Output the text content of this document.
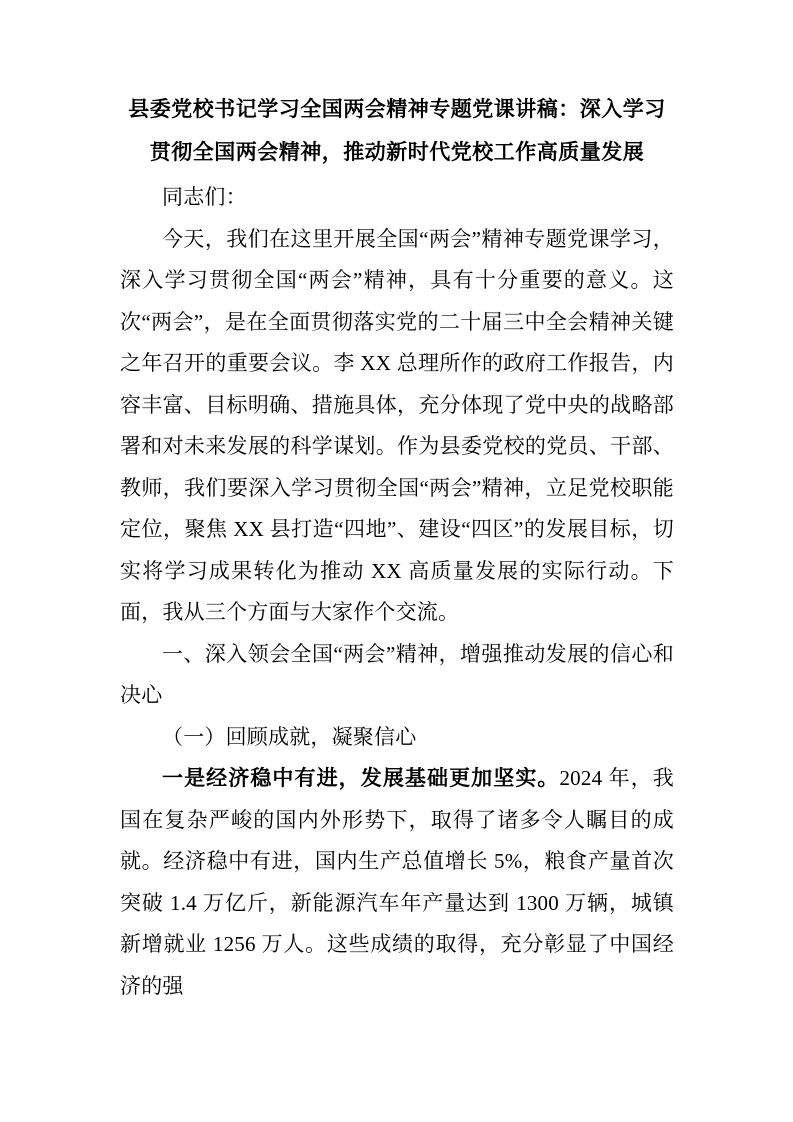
县委党校书记学习全国两会精神专题党课讲稿：深入学习贯彻全国两会精神，推动新时代党校工作高质量发展

同志们：

今天，我们在这里开展全国“两会”精神专题党课学习，深入学习贯彻全国“两会”精神，具有十分重要的意义。这次“两会”，是在全面贯彻落实党的二十届三中全会精神关键之年召开的重要会议。李 XX 总理所作的政府工作报告，内容丰富、目标明确、措施具体，充分体现了党中央的战略部署和对未来发展的科学谋划。作为县委党校的党员、干部、教师，我们要深入学习贯彻全国“两会”精神，立足党校职能定位，聚焦 XX 县打造“四地”、建设“四区”的发展目标，切实将学习成果转化为推动 XX 高质量发展的实际行动。下面，我从三个方面与大家作个交流。

一、深入领会全国“两会”精神，增强推动发展的信心和决心

（一）回顾成就，凝聚信心

一是经济稳中有进，发展基础更加坚实。2024 年，我国在复杂严峻的国内外形势下，取得了诸多令人瞩目的成就。经济稳中有进，国内生产总值增长 5%，粮食产量首次突破 1.4 万亿斤，新能源汽车年产量达到 1300 万辆，城镇新增就业 1256 万人。这些成绩的取得，充分彰显了中国经济的强
